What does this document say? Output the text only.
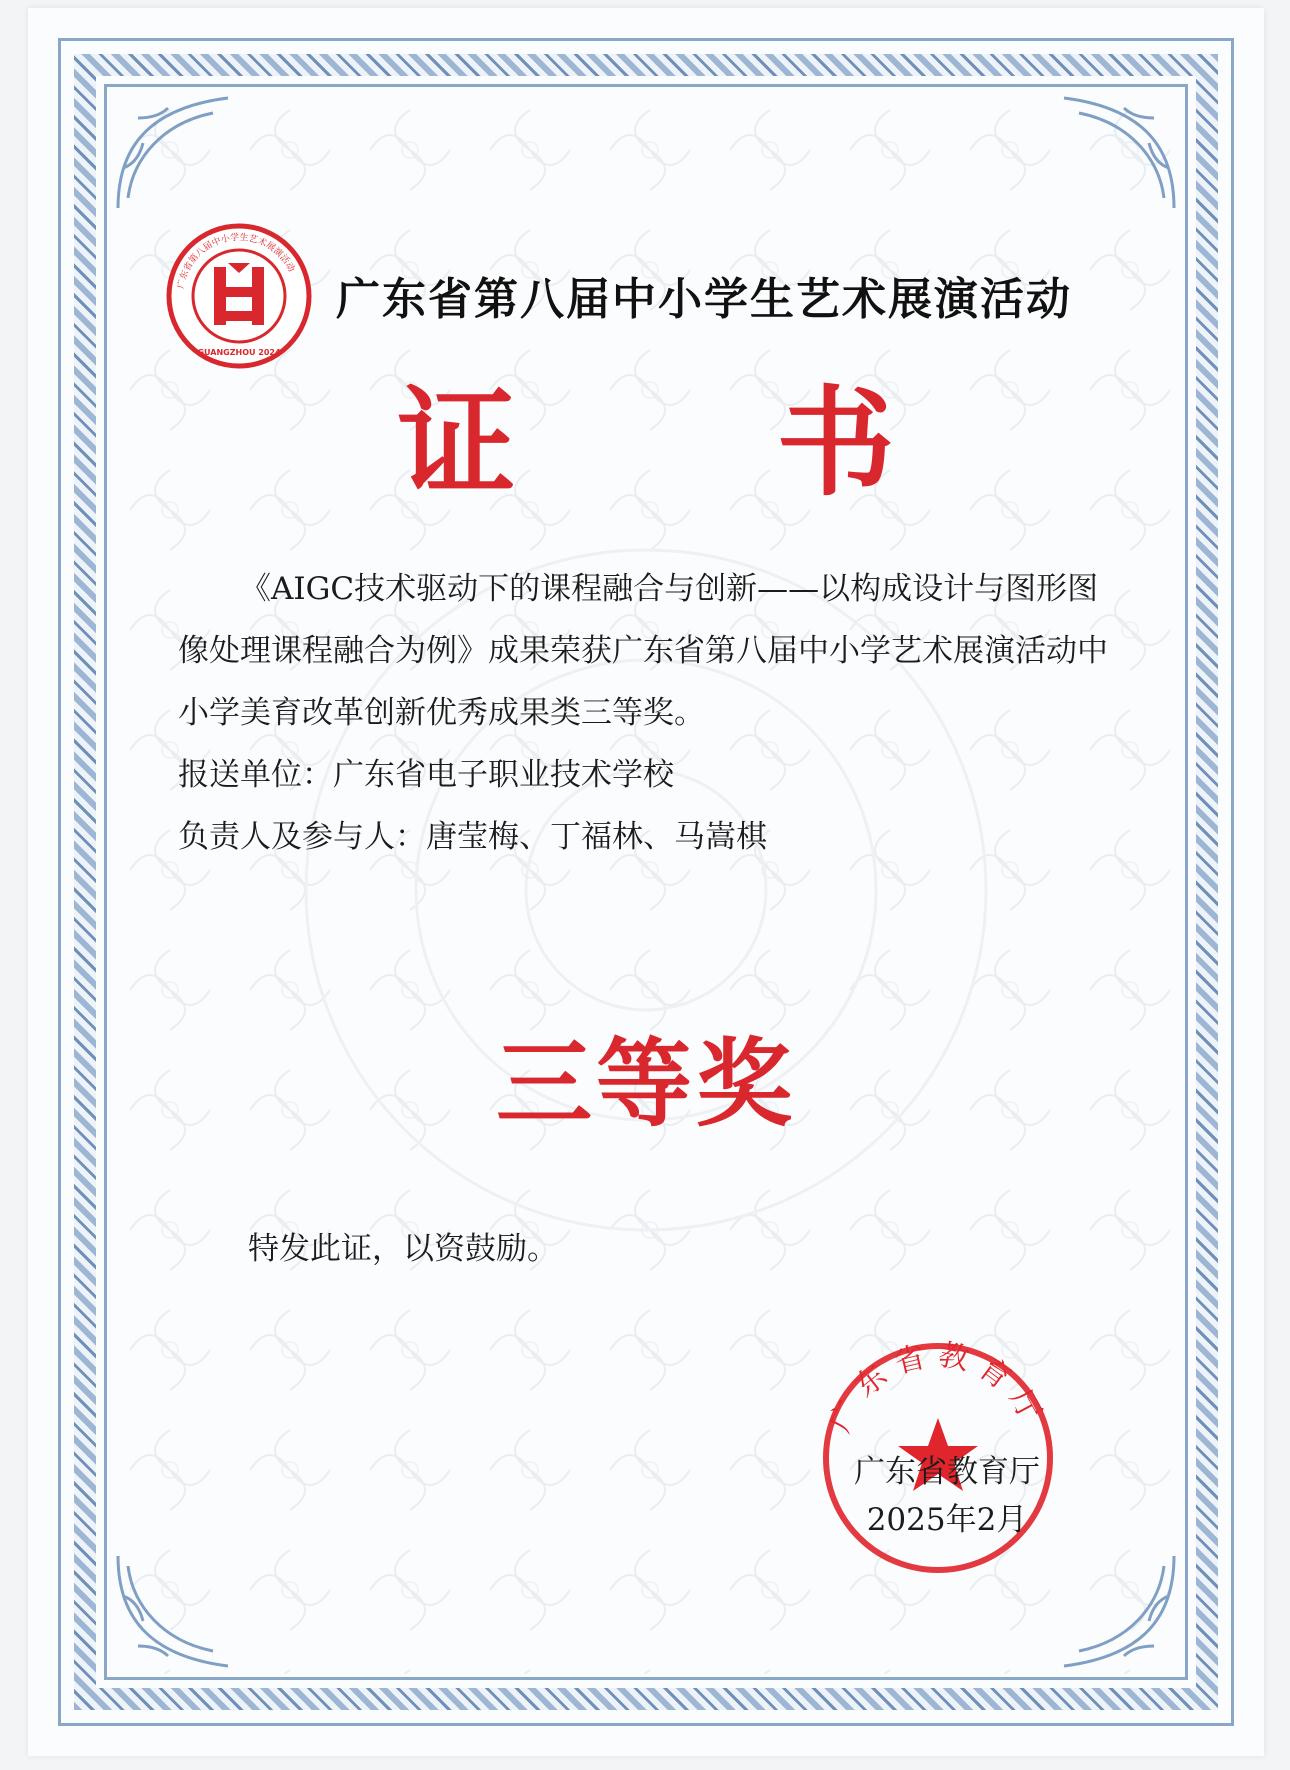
广东省第八届中小学生艺术展演活动
GUANGZHOU 2024
广东省第八届中小学生艺术展演活动
证 书

《AIGC技术驱动下的课程融合与创新——以构成设计与图形图像处理课程融合为例》成果荣获广东省第八届中小学艺术展演活动中小学美育改革创新优秀成果类三等奖。

报送单位：广东省电子职业技术学校

负责人及参与人：唐莹梅、丁福林、马嵩棋

三等奖
特发此证，以资鼓励。
广东省教育厅
广东省教育厅
2025年2月
